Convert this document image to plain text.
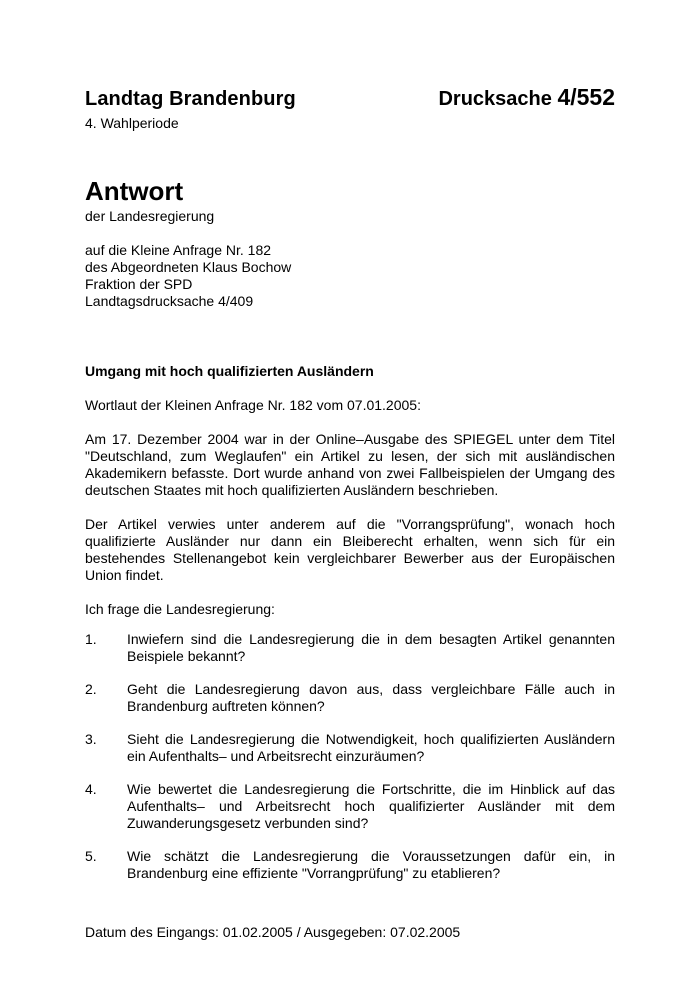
Landtag Brandenburg	Drucksache 4/552
4. Wahlperiode
Antwort
der Landesregierung
auf die Kleine Anfrage Nr. 182
des Abgeordneten Klaus Bochow
Fraktion der SPD
Landtagsdrucksache 4/409
Umgang mit hoch qualifizierten Ausländern

Wortlaut der Kleinen Anfrage Nr. 182 vom 07.01.2005:

Am 17. Dezember 2004 war in der Online–Ausgabe des SPIEGEL unter dem Titel "Deutschland, zum Weglaufen" ein Artikel zu lesen, der sich mit ausländischen Akademikern befasste. Dort wurde anhand von zwei Fallbeispielen der Umgang des deutschen Staates mit hoch qualifizierten Ausländern beschrieben.

Der Artikel verwies unter anderem auf die "Vorrangsprüfung", wonach hoch qualifizierte Ausländer nur dann ein Bleiberecht erhalten, wenn sich für ein bestehendes Stellenangebot kein vergleichbarer Bewerber aus der Europäischen Union findet.

Ich frage die Landesregierung:

1.	Inwiefern sind die Landesregierung die in dem besagten Artikel genannten Beispiele bekannt?
2.	Geht die Landesregierung davon aus, dass vergleichbare Fälle auch in Brandenburg auftreten können?
3.	Sieht die Landesregierung die Notwendigkeit, hoch qualifizierten Ausländern ein Aufenthalts– und Arbeitsrecht einzuräumen?
4.	Wie bewertet die Landesregierung die Fortschritte, die im Hinblick auf das Aufenthalts– und Arbeitsrecht hoch qualifizierter Ausländer mit dem Zuwanderungsgesetz verbunden sind?
5.	Wie schätzt die Landesregierung die Voraussetzungen dafür ein, in Brandenburg eine effiziente "Vorrangprüfung" zu etablieren?
Datum des Eingangs: 01.02.2005 / Ausgegeben: 07.02.2005
